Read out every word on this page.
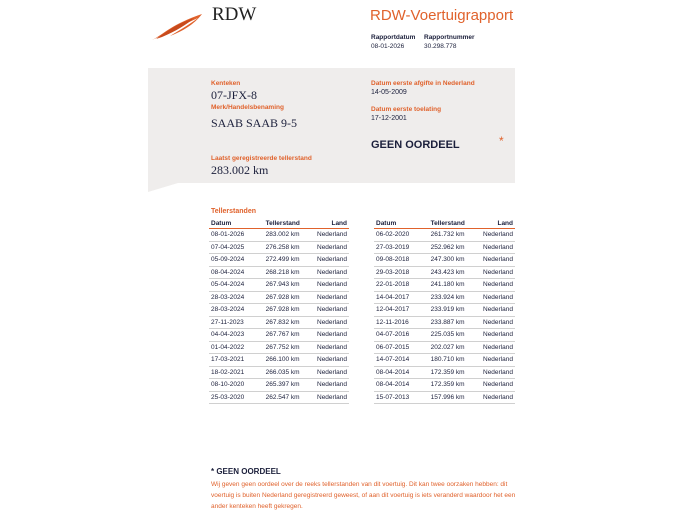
RDW	RDW-Voertuigrapport
Rapportdatum
08-01-2026
Rapportnummer
30.298.778
Kenteken
07-JFX-8
Merk/Handelsbenaming
SAAB SAAB 9-5
Laatst geregistreerde tellerstand
283.002 km
Datum eerste afgifte in Nederland
14-05-2009
Datum eerste toelating
17-12-2001
GEEN OORDEEL	*
Tellerstanden
Datum	Tellerstand	Land
08-01-2026	283.002 km	Nederland
07-04-2025	276.258 km	Nederland
05-09-2024	272.499 km	Nederland
08-04-2024	268.218 km	Nederland
05-04-2024	267.943 km	Nederland
28-03-2024	267.928 km	Nederland
28-03-2024	267.928 km	Nederland
27-11-2023	267.832 km	Nederland
04-04-2023	267.767 km	Nederland
01-04-2022	267.752 km	Nederland
17-03-2021	266.100 km	Nederland
18-02-2021	266.035 km	Nederland
08-10-2020	265.397 km	Nederland
25-03-2020	262.547 km	Nederland
Datum	Tellerstand	Land
06-02-2020	261.732 km	Nederland
27-03-2019	252.962 km	Nederland
09-08-2018	247.300 km	Nederland
29-03-2018	243.423 km	Nederland
22-01-2018	241.180 km	Nederland
14-04-2017	233.924 km	Nederland
12-04-2017	233.919 km	Nederland
12-11-2016	233.887 km	Nederland
04-07-2016	225.035 km	Nederland
06-07-2015	202.027 km	Nederland
14-07-2014	180.710 km	Nederland
08-04-2014	172.359 km	Nederland
08-04-2014	172.359 km	Nederland
15-07-2013	157.996 km	Nederland
* GEEN OORDEEL
Wij geven geen oordeel over de reeks tellerstanden van dit voertuig. Dit kan twee oorzaken hebben: dit
voertuig is buiten Nederland geregistreerd geweest, of aan dit voertuig is iets veranderd waardoor het een
ander kenteken heeft gekregen.
